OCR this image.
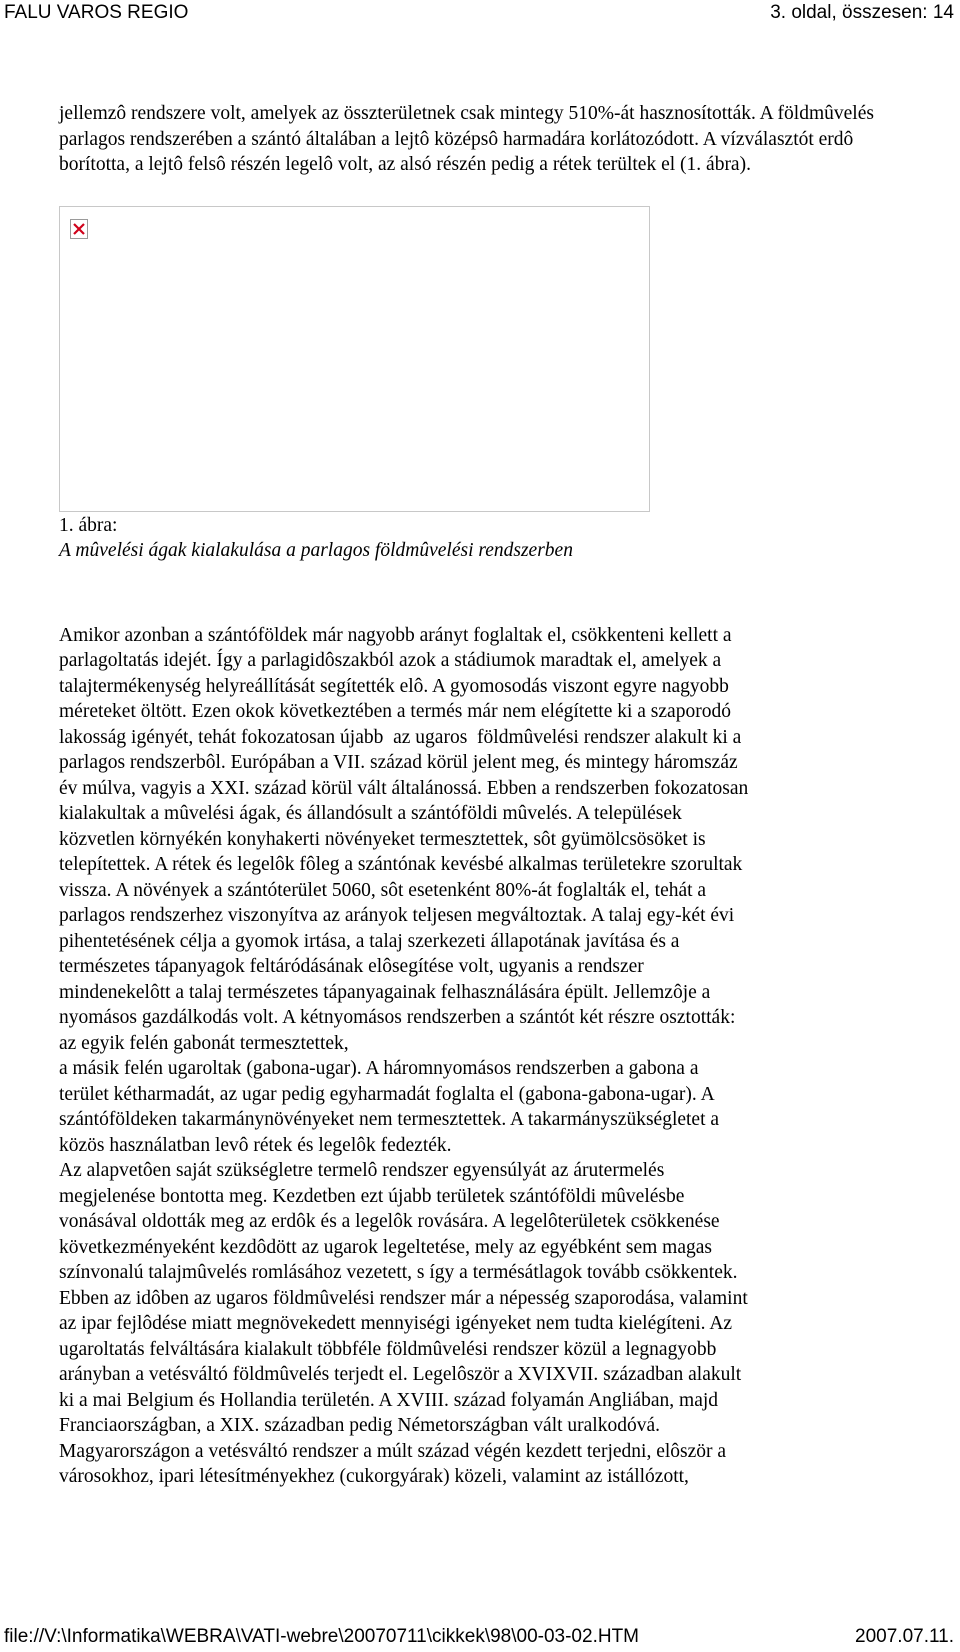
FALU VAROS REGIO	3. oldal, összesen: 14

jellemzô rendszere volt, amelyek az összterületnek csak mintegy 510%-át hasznosították. A földmûvelés parlagos rendszerében a szántó általában a lejtô középsô harmadára korlátozódott. A vízválasztót erdô borította, a lejtô felsô részén legelô volt, az alsó részén pedig a rétek terültek el (1. ábra).

1. ábra:
A mûvelési ágak kialakulása a parlagos földmûvelési rendszerben
Amikor azonban a szántóföldek már nagyobb arányt foglaltak el, csökkenteni kellett a
parlagoltatás idejét. Így a parlagidôszakból azok a stádiumok maradtak el, amelyek a
talajtermékenység helyreállítását segítették elô. A gyomosodás viszont egyre nagyobb
méreteket öltött. Ezen okok következtében a termés már nem elégítette ki a szaporodó
lakosság igényét, tehát fokozatosan újabb  az ugaros  földmûvelési rendszer alakult ki a
parlagos rendszerbôl. Európában a VII. század körül jelent meg, és mintegy háromszáz
év múlva, vagyis a XXI. század körül vált általánossá. Ebben a rendszerben fokozatosan
kialakultak a mûvelési ágak, és állandósult a szántóföldi mûvelés. A települések
közvetlen környékén konyhakerti növényeket termesztettek, sôt gyümölcsösöket is
telepítettek. A rétek és legelôk fôleg a szántónak kevésbé alkalmas területekre szorultak
vissza. A növények a szántóterület 5060, sôt esetenként 80%-át foglalták el, tehát a
parlagos rendszerhez viszonyítva az arányok teljesen megváltoztak. A talaj egy-két évi
pihentetésének célja a gyomok irtása, a talaj szerkezeti állapotának javítása és a
természetes tápanyagok feltáródásának elôsegítése volt, ugyanis a rendszer
mindenekelôtt a talaj természetes tápanyagainak felhasználására épült. Jellemzôje a
nyomásos gazdálkodás volt. A kétnyomásos rendszerben a szántót két részre osztották:
az egyik felén gabonát termesztettek,
a másik felén ugaroltak (gabona-ugar). A háromnyomásos rendszerben a gabona a
terület kétharmadát, az ugar pedig egyharmadát foglalta el (gabona-gabona-ugar). A
szántóföldeken takarmánynövényeket nem termesztettek. A takarmányszükségletet a
közös használatban levô rétek és legelôk fedezték.
Az alapvetôen saját szükségletre termelô rendszer egyensúlyát az árutermelés
megjelenése bontotta meg. Kezdetben ezt újabb területek szántóföldi mûvelésbe
vonásával oldották meg az erdôk és a legelôk rovására. A legelôterületek csökkenése
következményeként kezdôdött az ugarok legeltetése, mely az egyébként sem magas
színvonalú talajmûvelés romlásához vezetett, s így a termésátlagok tovább csökkentek.
Ebben az idôben az ugaros földmûvelési rendszer már a népesség szaporodása, valamint
az ipar fejlôdése miatt megnövekedett mennyiségi igényeket nem tudta kielégíteni. Az
ugaroltatás felváltására kialakult többféle földmûvelési rendszer közül a legnagyobb
arányban a vetésváltó földmûvelés terjedt el. Legelôször a XVIXVII. században alakult
ki a mai Belgium és Hollandia területén. A XVIII. század folyamán Angliában, majd
Franciaországban, a XIX. században pedig Németországban vált uralkodóvá.
Magyarországon a vetésváltó rendszer a múlt század végén kezdett terjedni, elôször a
városokhoz, ipari létesítményekhez (cukorgyárak) közeli, valamint az istállózott,
file://V:\Informatika\WEBRA\VATI-webre\20070711\cikkek\98\00-03-02.HTM	2007.07.11.
